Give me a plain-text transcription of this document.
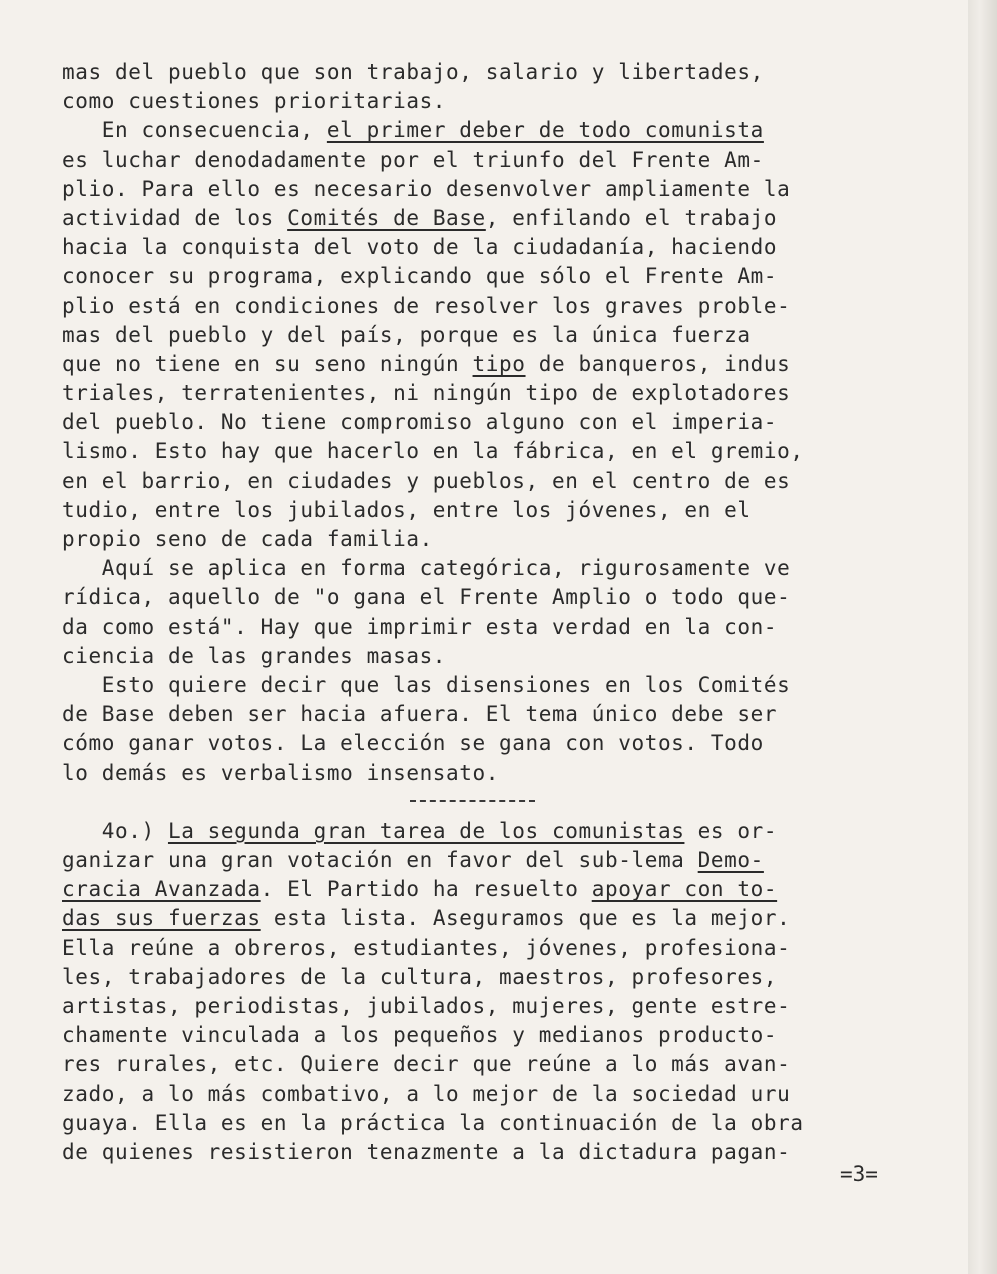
mas del pueblo que son trabajo, salario y libertades,
como cuestiones prioritarias.
En consecuencia, el primer deber de todo comunista
es luchar denodadamente por el triunfo del Frente Am-
plio. Para ello es necesario desenvolver ampliamente la
actividad de los Comités de Base, enfilando el trabajo
hacia la conquista del voto de la ciudadanía, haciendo
conocer su programa, explicando que sólo el Frente Am-
plio está en condiciones de resolver los graves proble-
mas del pueblo y del país, porque es la única fuerza
que no tiene en su seno ningún tipo de banqueros, indus
triales, terratenientes, ni ningún tipo de explotadores
del pueblo. No tiene compromiso alguno con el imperia-
lismo. Esto hay que hacerlo en la fábrica, en el gremio,
en el barrio, en ciudades y pueblos, en el centro de es
tudio, entre los jubilados, entre los jóvenes, en el
propio seno de cada familia.
Aquí se aplica en forma categórica, rigurosamente ve
rídica, aquello de "o gana el Frente Amplio o todo que-
da como está". Hay que imprimir esta verdad en la con-
ciencia de las grandes masas.
Esto quiere decir que las disensiones en los Comités
de Base deben ser hacia afuera. El tema único debe ser
cómo ganar votos. La elección se gana con votos. Todo
lo demás es verbalismo insensato.
4o.) La segunda gran tarea de los comunistas es or-
ganizar una gran votación en favor del sub-lema Demo-
cracia Avanzada. El Partido ha resuelto apoyar con to-
das sus fuerzas esta lista. Aseguramos que es la mejor.
Ella reúne a obreros, estudiantes, jóvenes, profesiona-
les, trabajadores de la cultura, maestros, profesores,
artistas, periodistas, jubilados, mujeres, gente estre-
chamente vinculada a los pequeños y medianos producto-
res rurales, etc. Quiere decir que reúne a lo más avan-
zado, a lo más combativo, a lo mejor de la sociedad uru
guaya. Ella es en la práctica la continuación de la obra
de quienes resistieron tenazmente a la dictadura pagan-
=3=
